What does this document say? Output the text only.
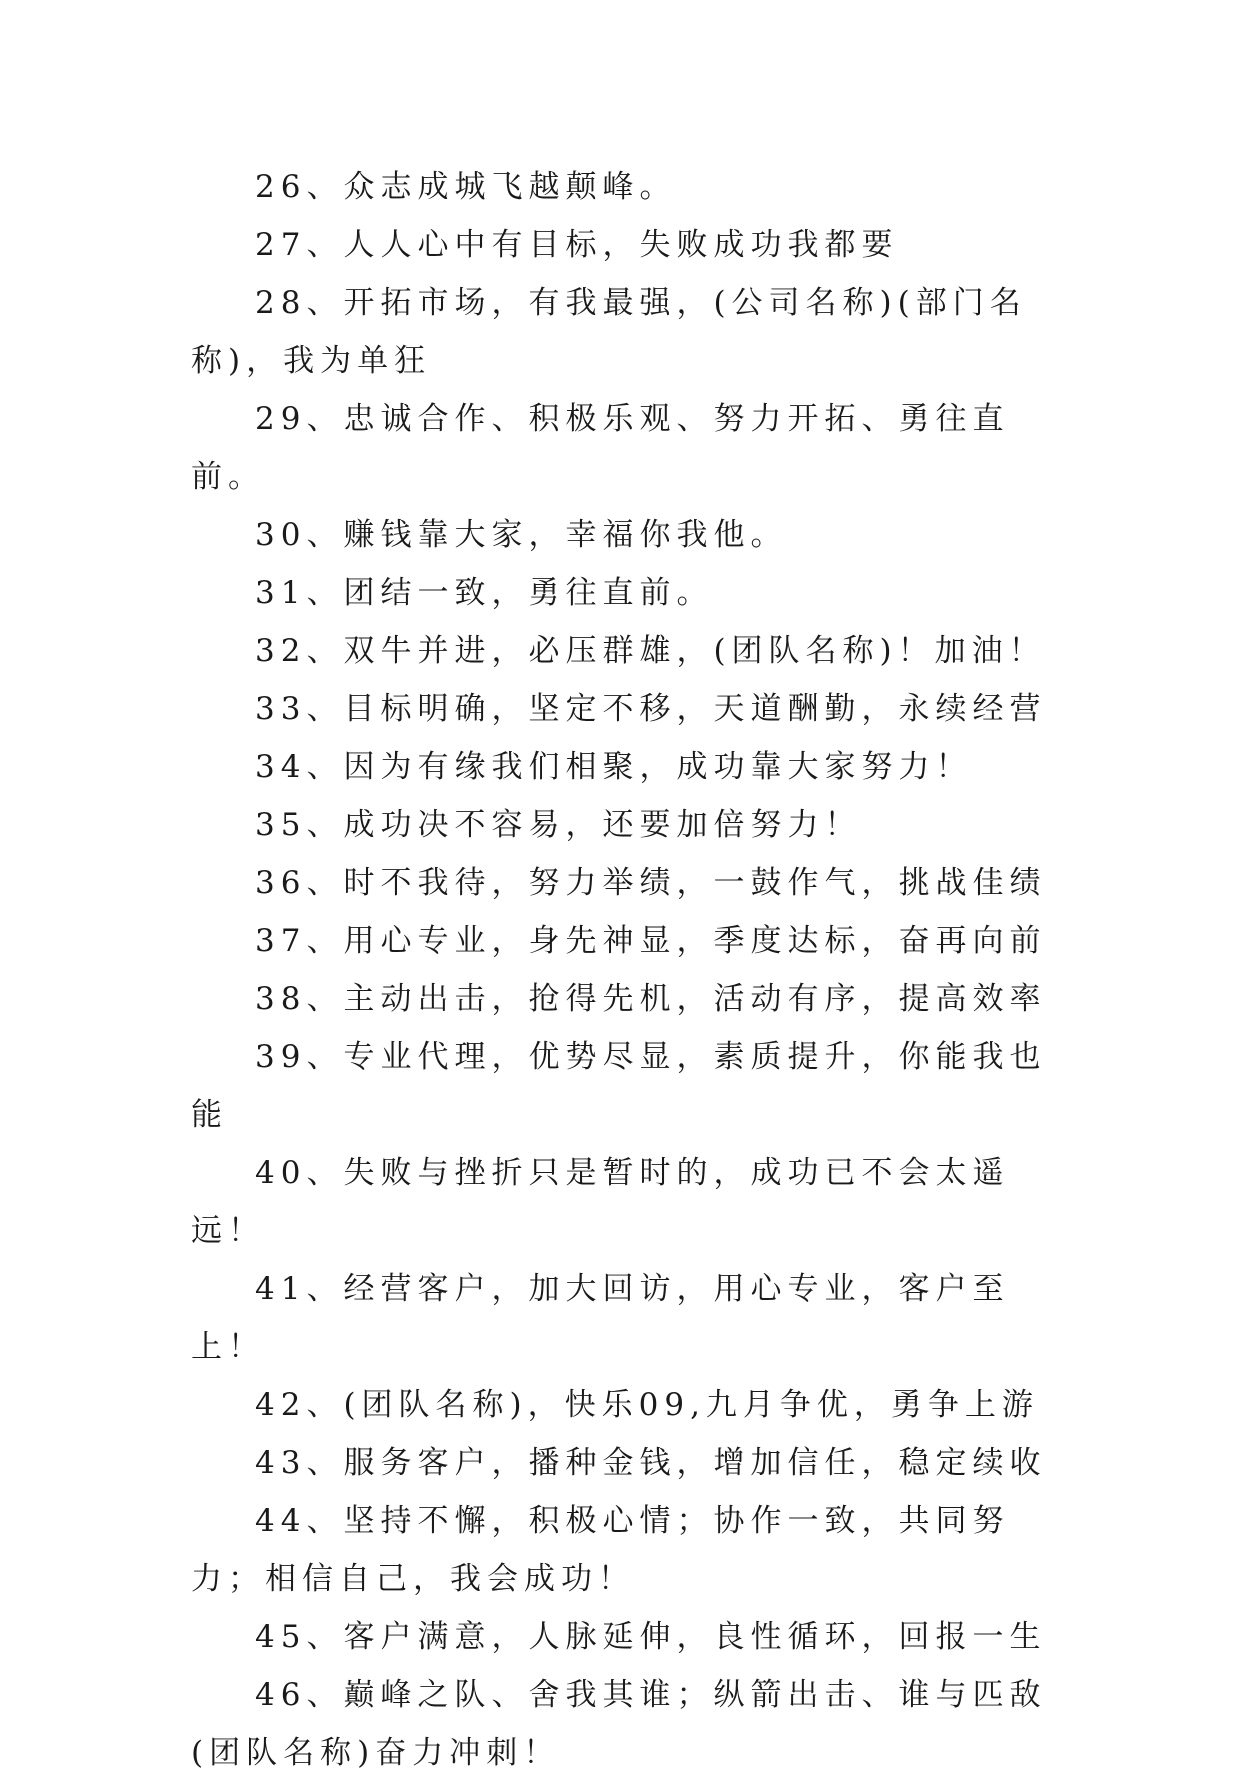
26、众志成城飞越颠峰。

27、人人心中有目标，失败成功我都要

28、开拓市场，有我最强，(公司名称)(部门名称)，我为单狂

29、忠诚合作、积极乐观、努力开拓、勇往直前。

30、赚钱靠大家，幸福你我他。

31、团结一致，勇往直前。

32、双牛并进，必压群雄，(团队名称)！加油！

33、目标明确，坚定不移，天道酬勤，永续经营

34、因为有缘我们相聚，成功靠大家努力！

35、成功决不容易，还要加倍努力！

36、时不我待，努力举绩，一鼓作气，挑战佳绩

37、用心专业，身先神显，季度达标，奋再向前

38、主动出击，抢得先机，活动有序，提高效率

39、专业代理，优势尽显，素质提升，你能我也能

40、失败与挫折只是暂时的，成功已不会太遥远！

41、经营客户，加大回访，用心专业，客户至上！

42、(团队名称)，快乐09,九月争优，勇争上游

43、服务客户，播种金钱，增加信任，稳定续收

44、坚持不懈，积极心情；协作一致，共同努力；相信自己，我会成功！

45、客户满意，人脉延伸，良性循环，回报一生

46、巅峰之队、舍我其谁；纵箭出击、谁与匹敌(团队名称)奋力冲刺！
